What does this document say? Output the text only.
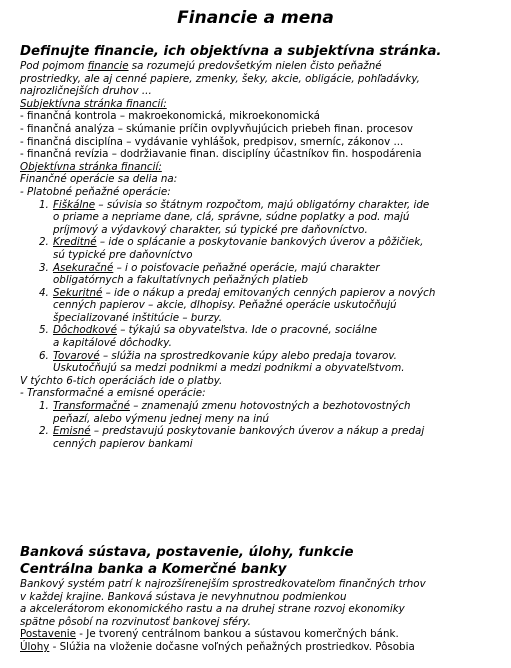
Financie a mena
Definujte financie, ich objektívna a subjektívna stránka.
Pod pojmom financie sa rozumejú predovšetkým nielen čisto peňažné
prostriedky, ale aj cenné papiere, zmenky, šeky, akcie, obligácie, pohľadávky,
najrozličnejších druhov ...
Subjektívna stránka financií:
- finančná kontrola – makroekonomická, mikroekonomická
- finančná analýza – skúmanie príčin ovplyvňujúcich priebeh finan. procesov
- finančná disciplína – vydávanie vyhlášok, predpisov, smerníc, zákonov ...
- finančná revízia – dodržiavanie finan. disciplíny účastníkov fin. hospodárenia
Objektívna stránka financií:
Finančné operácie sa delia na:
- Platobné peňažné operácie:
1. Fiškálne – súvisia so štátnym rozpočtom, majú obligatórny charakter, ide
o priame a nepriame dane, clá, správne, súdne poplatky a pod. majú
príjmový a výdavkový charakter, sú typické pre daňovníctvo.
2. Kreditné – ide o splácanie a poskytovanie bankových úverov a pôžičiek,
sú typické pre daňovníctvo
3. Asekuračné – i o poisťovacie peňažné operácie, majú charakter
obligatórnych a fakultatívnych peňažných platieb
4. Sekuritné – ide o nákup a predaj emitovaných cenných papierov a nových
cenných papierov – akcie, dlhopisy. Peňažné operácie uskutočňujú
špecializované inštitúcie – burzy.
5. Dôchodkové – týkajú sa obyvateľstva. Ide o pracovné, sociálne
a kapitálové dôchodky.
6. Tovarové – slúžia na sprostredkovanie kúpy alebo predaja tovarov.
Uskutočňujú sa medzi podnikmi a medzi podnikmi a obyvateľstvom.
V týchto 6-tich operáciách ide o platby.
- Transformačné a emisné operácie:
1. Transformačné – znamenajú zmenu hotovostných a bezhotovostných
peňazí, alebo výmenu jednej meny na inú
2. Emisné – predstavujú poskytovanie bankových úverov a nákup a predaj
cenných papierov bankami
Banková sústava, postavenie, úlohy, funkcie
Centrálna banka a Komerčné banky
Bankový systém patrí k najrozšírenejším sprostredkovateľom finančných trhov
v každej krajine. Banková sústava je nevyhnutnou podmienkou
a akcelerátorom ekonomického rastu a na druhej strane rozvoj ekonomiky
spätne pôsobí na rozvinutosť bankovej sféry.
Postavenie - Je tvorený centrálnom bankou a sústavou komerčných bánk.
Úlohy - Slúžia na vloženie dočasne voľných peňažných prostriedkov. Pôsobia
